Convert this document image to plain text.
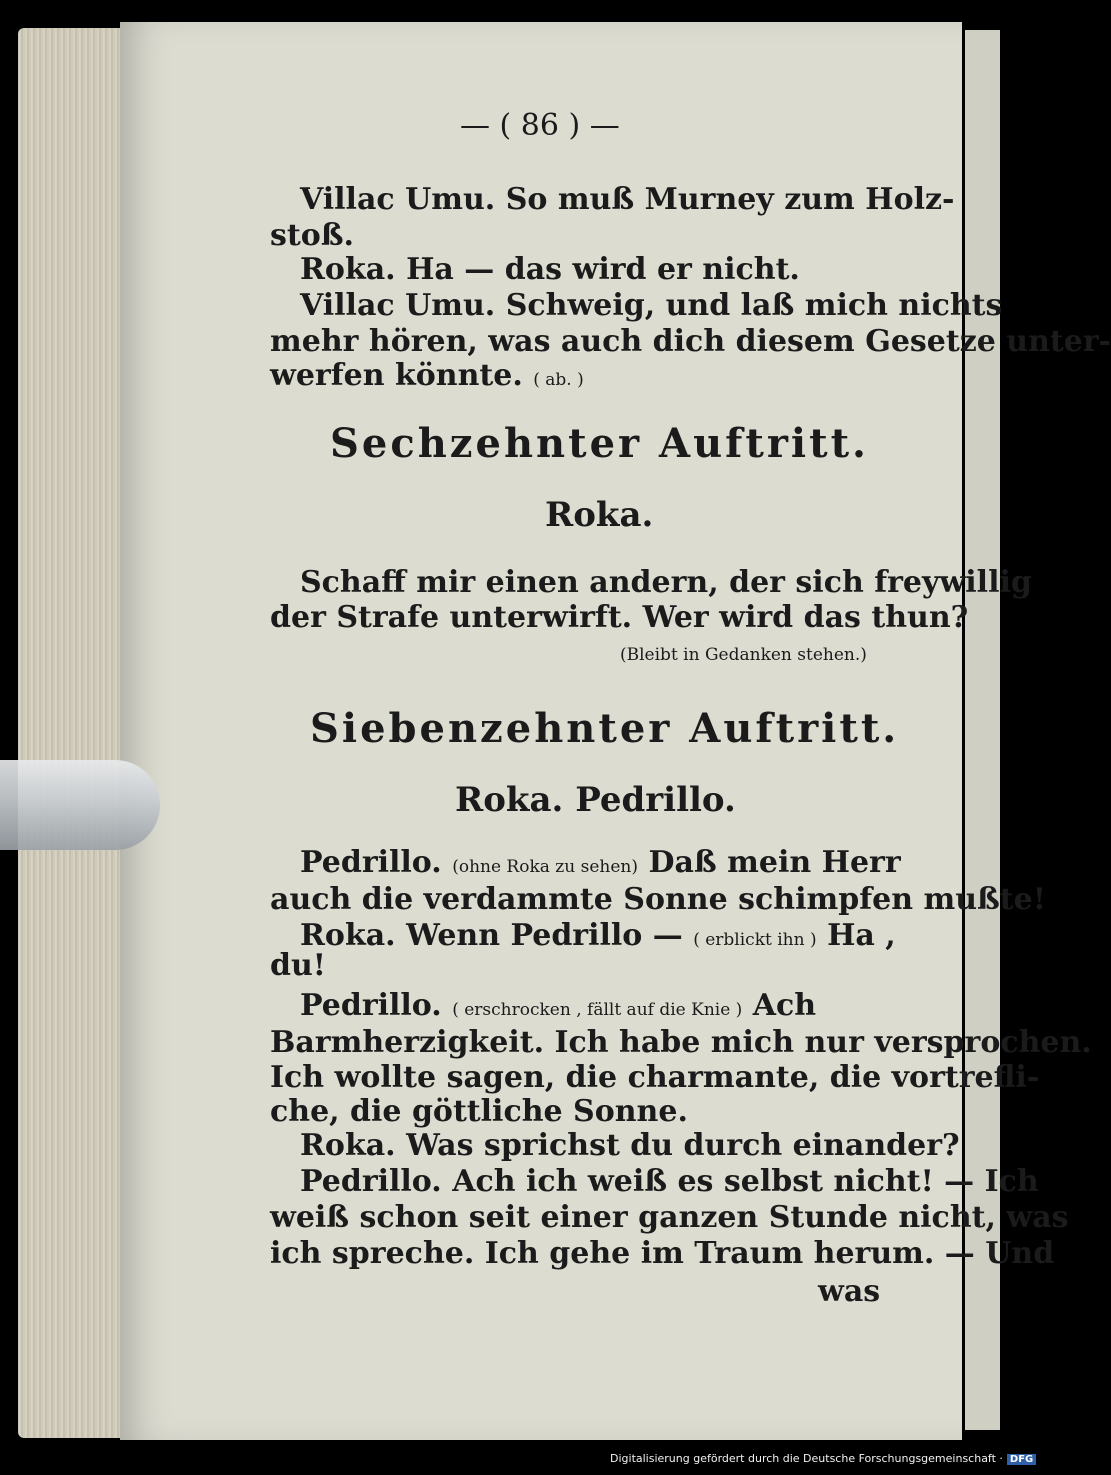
— ( 86 ) —
Villac Umu. So muß Murney zum Holz-
stoß.
Roka. Ha — das wird er nicht.
Villac Umu. Schweig, und laß mich nichts
mehr hören, was auch dich diesem Gesetze unter-
werfen könnte. ( ab. )
Sechzehnter Auftritt.
Roka.
Schaff mir einen andern, der sich freywillig
der Strafe unterwirft. Wer wird das thun?
(Bleibt in Gedanken stehen.)
Siebenzehnter Auftritt.
Roka. Pedrillo.
Pedrillo. (ohne Roka zu sehen) Daß mein Herr
auch die verdammte Sonne schimpfen mußte!
Roka. Wenn Pedrillo — ( erblickt ihn ) Ha ,
du!
Pedrillo. ( erschrocken , fällt auf die Knie ) Ach
Barmherzigkeit. Ich habe mich nur versprochen.
Ich wollte sagen, die charmante, die vortrefli-
che, die göttliche Sonne.
Roka. Was sprichst du durch einander?
Pedrillo. Ach ich weiß es selbst nicht! — Ich
weiß schon seit einer ganzen Stunde nicht, was
ich spreche. Ich gehe im Traum herum. — Und
was
Digitalisierung gefördert durch die Deutsche Forschungsgemeinschaft · DFG
